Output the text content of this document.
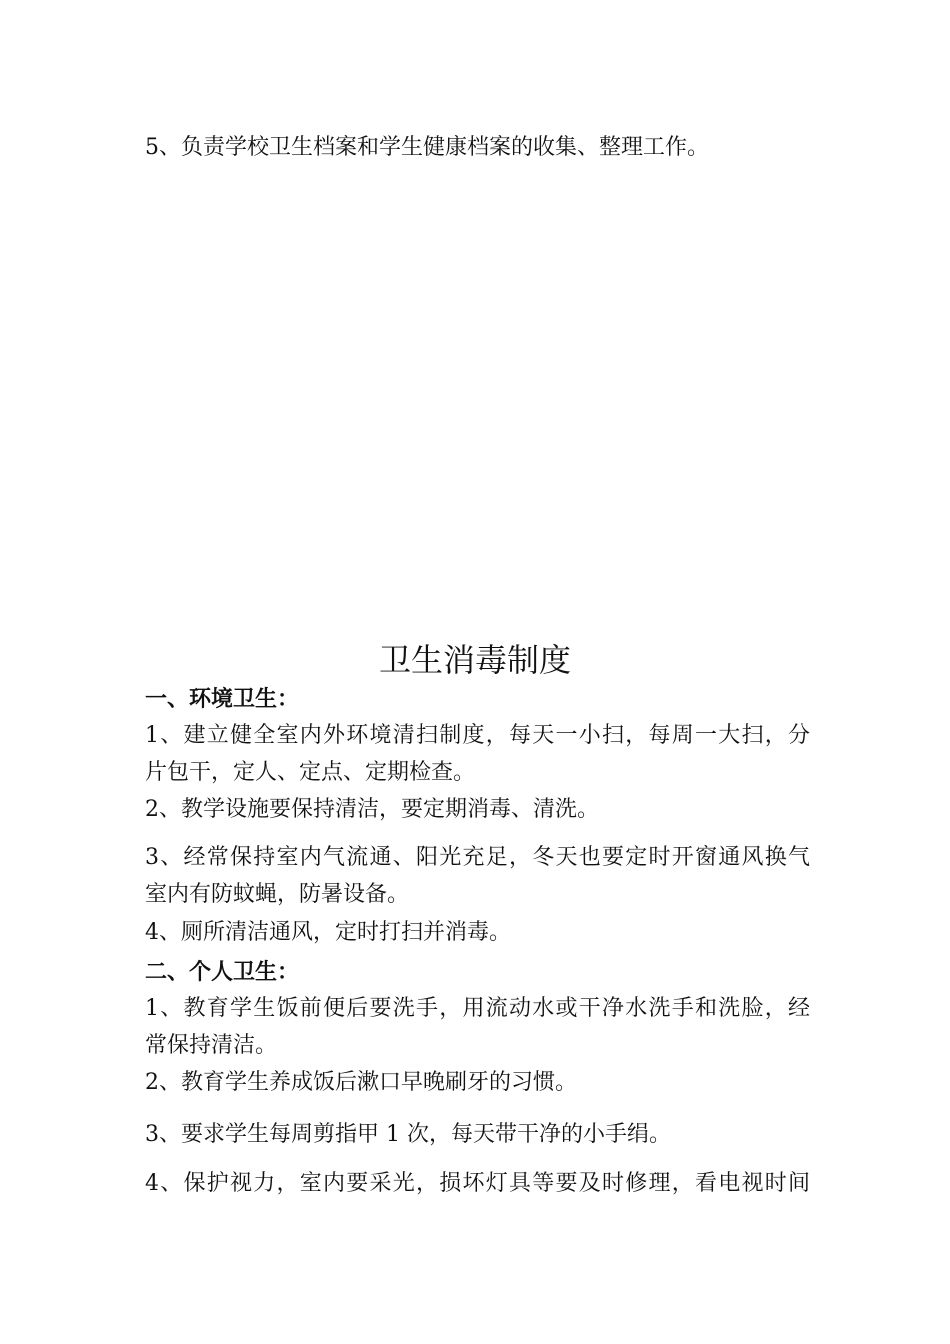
5、负责学校卫生档案和学生健康档案的收集、整理工作。
卫生消毒制度
一、环境卫生：
1、建立健全室内外环境清扫制度，每天一小扫，每周一大扫，分
片包干，定人、定点、定期检查。
2、教学设施要保持清洁，要定期消毒、清洗。
3、经常保持室内气流通、阳光充足，冬天也要定时开窗通风换气
室内有防蚊蝇，防暑设备。
4、厕所清洁通风，定时打扫并消毒。
二、个人卫生：
1、教育学生饭前便后要洗手，用流动水或干净水洗手和洗脸，经
常保持清洁。
2、教育学生养成饭后漱口早晚刷牙的习惯。
3、要求学生每周剪指甲 1 次，每天带干净的小手绢。
4、保护视力，室内要采光，损坏灯具等要及时修理，看电视时间
